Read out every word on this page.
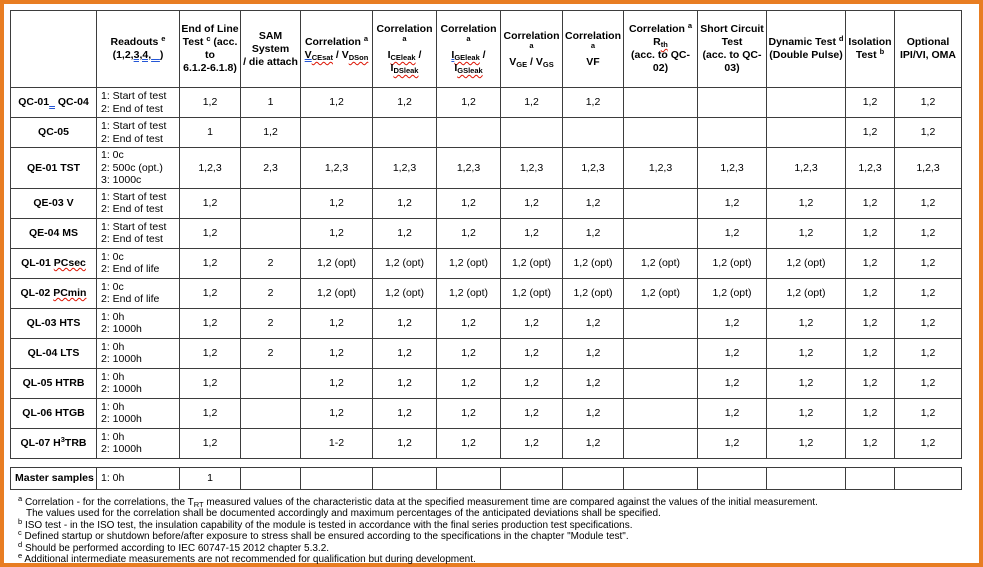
	Readouts $^e$
(1,2,3,4, )	End of Line
Test $^c$ (acc. to
6.1.2-6.1.8)	SAM System
/ die attach	Correlation $^a$
$V_{CEsat} / V_{DSon}$	Correlation $^a$
$I_{CEleak} / I_{DSleak}$	Correlation $^a$
$I_{GEleak} / I_{GSleak}$	Correlation $^a$
$V_{GE} / V_{GS}$	Correlation $^a$
VF	Correlation $^a$
$R_{th}$
(acc. to QC-02)	Short Circuit
Test
(acc. to QC-03)	Dynamic Test $^d$
(Double Pulse)	Isolation
Test $^b$	Optional
IPI/VI, OMA
QC-01   QC-04	1: Start of test
2: End of test	1,2	1	1,2	1,2	1,2	1,2	1,2				1,2	1,2
QC-05	1: Start of test
2: End of test	1	1,2									1,2	1,2
QE-01 TST	1: 0c
2: 500c (opt.)
3: 1000c	1,2,3	2,3	1,2,3	1,2,3	1,2,3	1,2,3	1,2,3	1,2,3	1,2,3	1,2,3	1,2,3	1,2,3
QE-03 V	1: Start of test
2: End of test	1,2		1,2	1,2	1,2	1,2	1,2		1,2	1,2	1,2	1,2
QE-04 MS	1: Start of test
2: End of test	1,2		1,2	1,2	1,2	1,2	1,2		1,2	1,2	1,2	1,2
QL-01 PCsec	1: 0c
2: End of life	1,2	2	1,2 (opt)	1,2 (opt)	1,2 (opt)	1,2 (opt)	1,2 (opt)	1,2 (opt)	1,2 (opt)	1,2 (opt)	1,2	1,2
QL-02 PCmin	1: 0c
2: End of life	1,2	2	1,2 (opt)	1,2 (opt)	1,2 (opt)	1,2 (opt)	1,2 (opt)	1,2 (opt)	1,2 (opt)	1,2 (opt)	1,2	1,2
QL-03 HTS	1: 0h
2: 1000h	1,2	2	1,2	1,2	1,2	1,2	1,2		1,2	1,2	1,2	1,2
QL-04 LTS	1: 0h
2: 1000h	1,2	2	1,2	1,2	1,2	1,2	1,2		1,2	1,2	1,2	1,2
QL-05 HTRB	1: 0h
2: 1000h	1,2		1,2	1,2	1,2	1,2	1,2		1,2	1,2	1,2	1,2
QL-06 HTGB	1: 0h
2: 1000h	1,2		1,2	1,2	1,2	1,2	1,2		1,2	1,2	1,2	1,2
QL-07 $H^3TRB$	1: 0h
2: 1000h	1,2		1-2	1,2	1,2	1,2	1,2		1,2	1,2	1,2	1,2
Master samples	1: 0h	1											
$^a$ Correlation - for the correlations, the $T_{RT}$ measured values of the characteristic data at the specified measurement time are compared against the values of the initial measurement.
The values used for the correlation shall be documented accordingly and maximum percentages of the anticipated deviations shall be specified.
$^b$ ISO test - in the ISO test, the insulation capability of the module is tested in accordance with the final series production test specifications.
$^c$ Defined startup or shutdown before/after exposure to stress shall be ensured according to the specifications in the chapter "Module test".
$^d$ Should be performed according to IEC 60747-15 2012 chapter 5.3.2.
$^e$ Additional intermediate measurements are not recommended for qualification but during development.
